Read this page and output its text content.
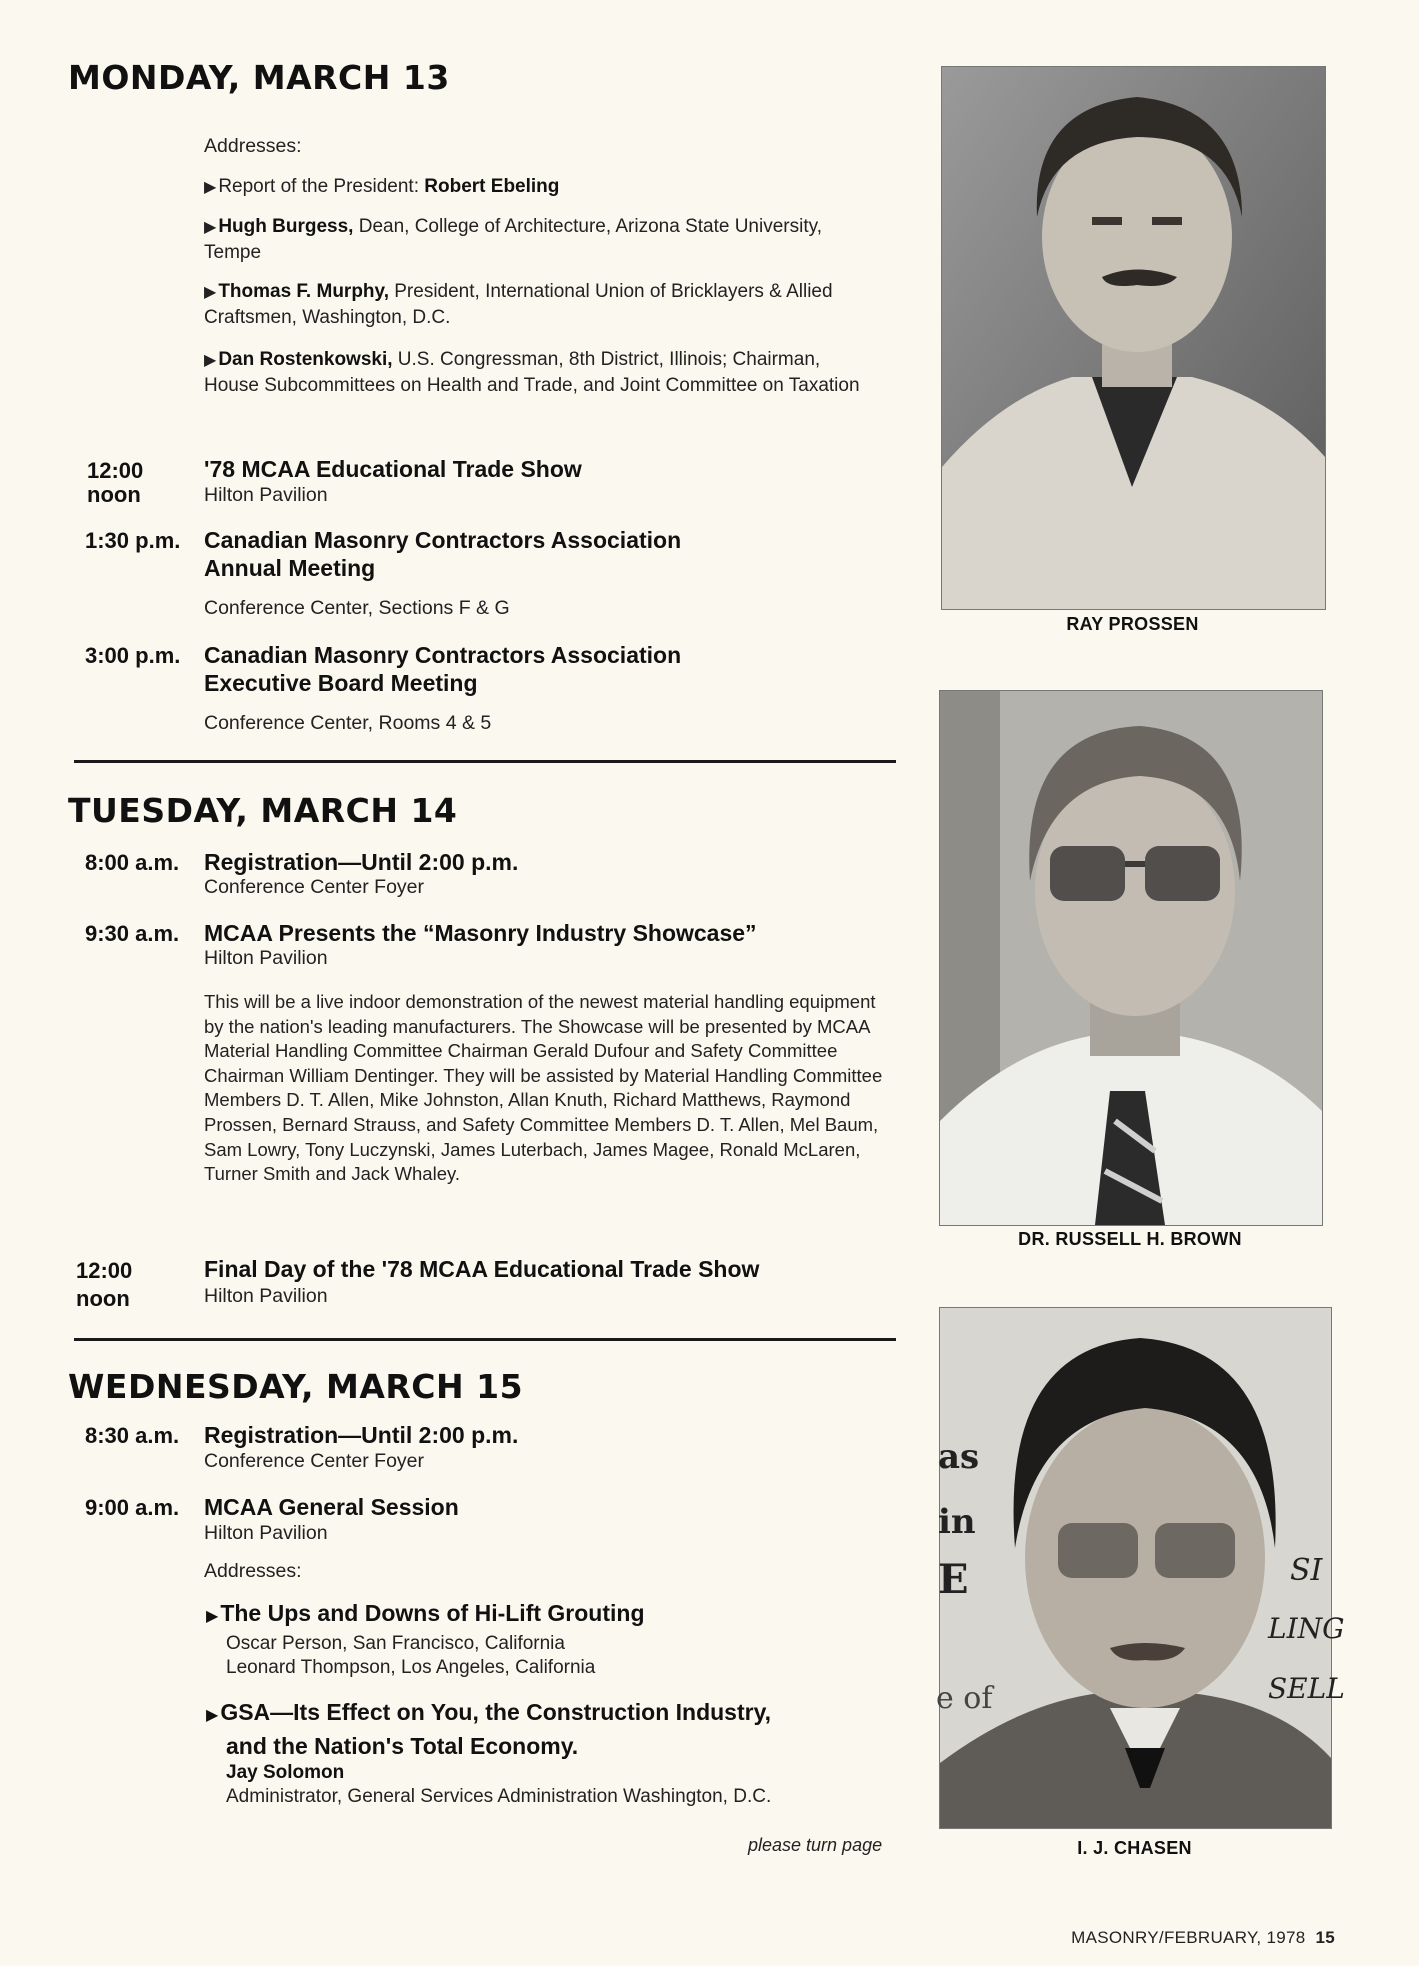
MONDAY, MARCH 13
Addresses:

▶ Report of the President: Robert Ebeling

▶ Hugh Burgess, Dean, College of Architecture, Arizona State University, Tempe

▶ Thomas F. Murphy, President, International Union of Bricklayers & Allied Craftsmen, Washington, D.C.

▶ Dan Rostenkowski, U.S. Congressman, 8th District, Illinois; Chairman, House Subcommittees on Health and Trade, and Joint Committee on Taxation

12:00
noon
'78 MCAA Educational Trade Show
Hilton Pavilion
1:30 p.m. Canadian Masonry Contractors Association
Annual Meeting
Conference Center, Sections F & G
3:00 p.m. Canadian Masonry Contractors Association
Executive Board Meeting
Conference Center, Rooms 4 & 5
TUESDAY, MARCH 14
8:00 a.m. Registration—Until 2:00 p.m.
Conference Center Foyer
9:30 a.m. MCAA Presents the “Masonry Industry Showcase”
Hilton Pavilion

This will be a live indoor demonstration of the newest material handling equipment by the nation's leading manufacturers. The Showcase will be presented by MCAA Material Handling Committee Chairman Gerald Dufour and Safety Committee Chairman William Dentinger. They will be assisted by Material Handling Committee Members D. T. Allen, Mike Johnston, Allan Knuth, Richard Matthews, Raymond Prossen, Bernard Strauss, and Safety Committee Members D. T. Allen, Mel Baum, Sam Lowry, Tony Luczynski, James Luterbach, James Magee, Ronald McLaren, Turner Smith and Jack Whaley.

12:00
noon
Final Day of the '78 MCAA Educational Trade Show
Hilton Pavilion
WEDNESDAY, MARCH 15
8:30 a.m. Registration—Until 2:00 p.m.
Conference Center Foyer
9:00 a.m. MCAA General Session
Hilton Pavilion
Addresses:
▶The Ups and Downs of Hi-Lift Grouting
Oscar Person, San Francisco, California
Leonard Thompson, Los Angeles, California
▶GSA—Its Effect on You, the Construction Industry,
and the Nation's Total Economy.
Jay Solomon
Administrator, General Services Administration Washington, D.C.
please turn page
RAY PROSSEN
DR. RUSSELL H. BROWN
as
in
E
e of
LING
SELL
SI
I. J. CHASEN
MASONRY/FEBRUARY, 1978 15
